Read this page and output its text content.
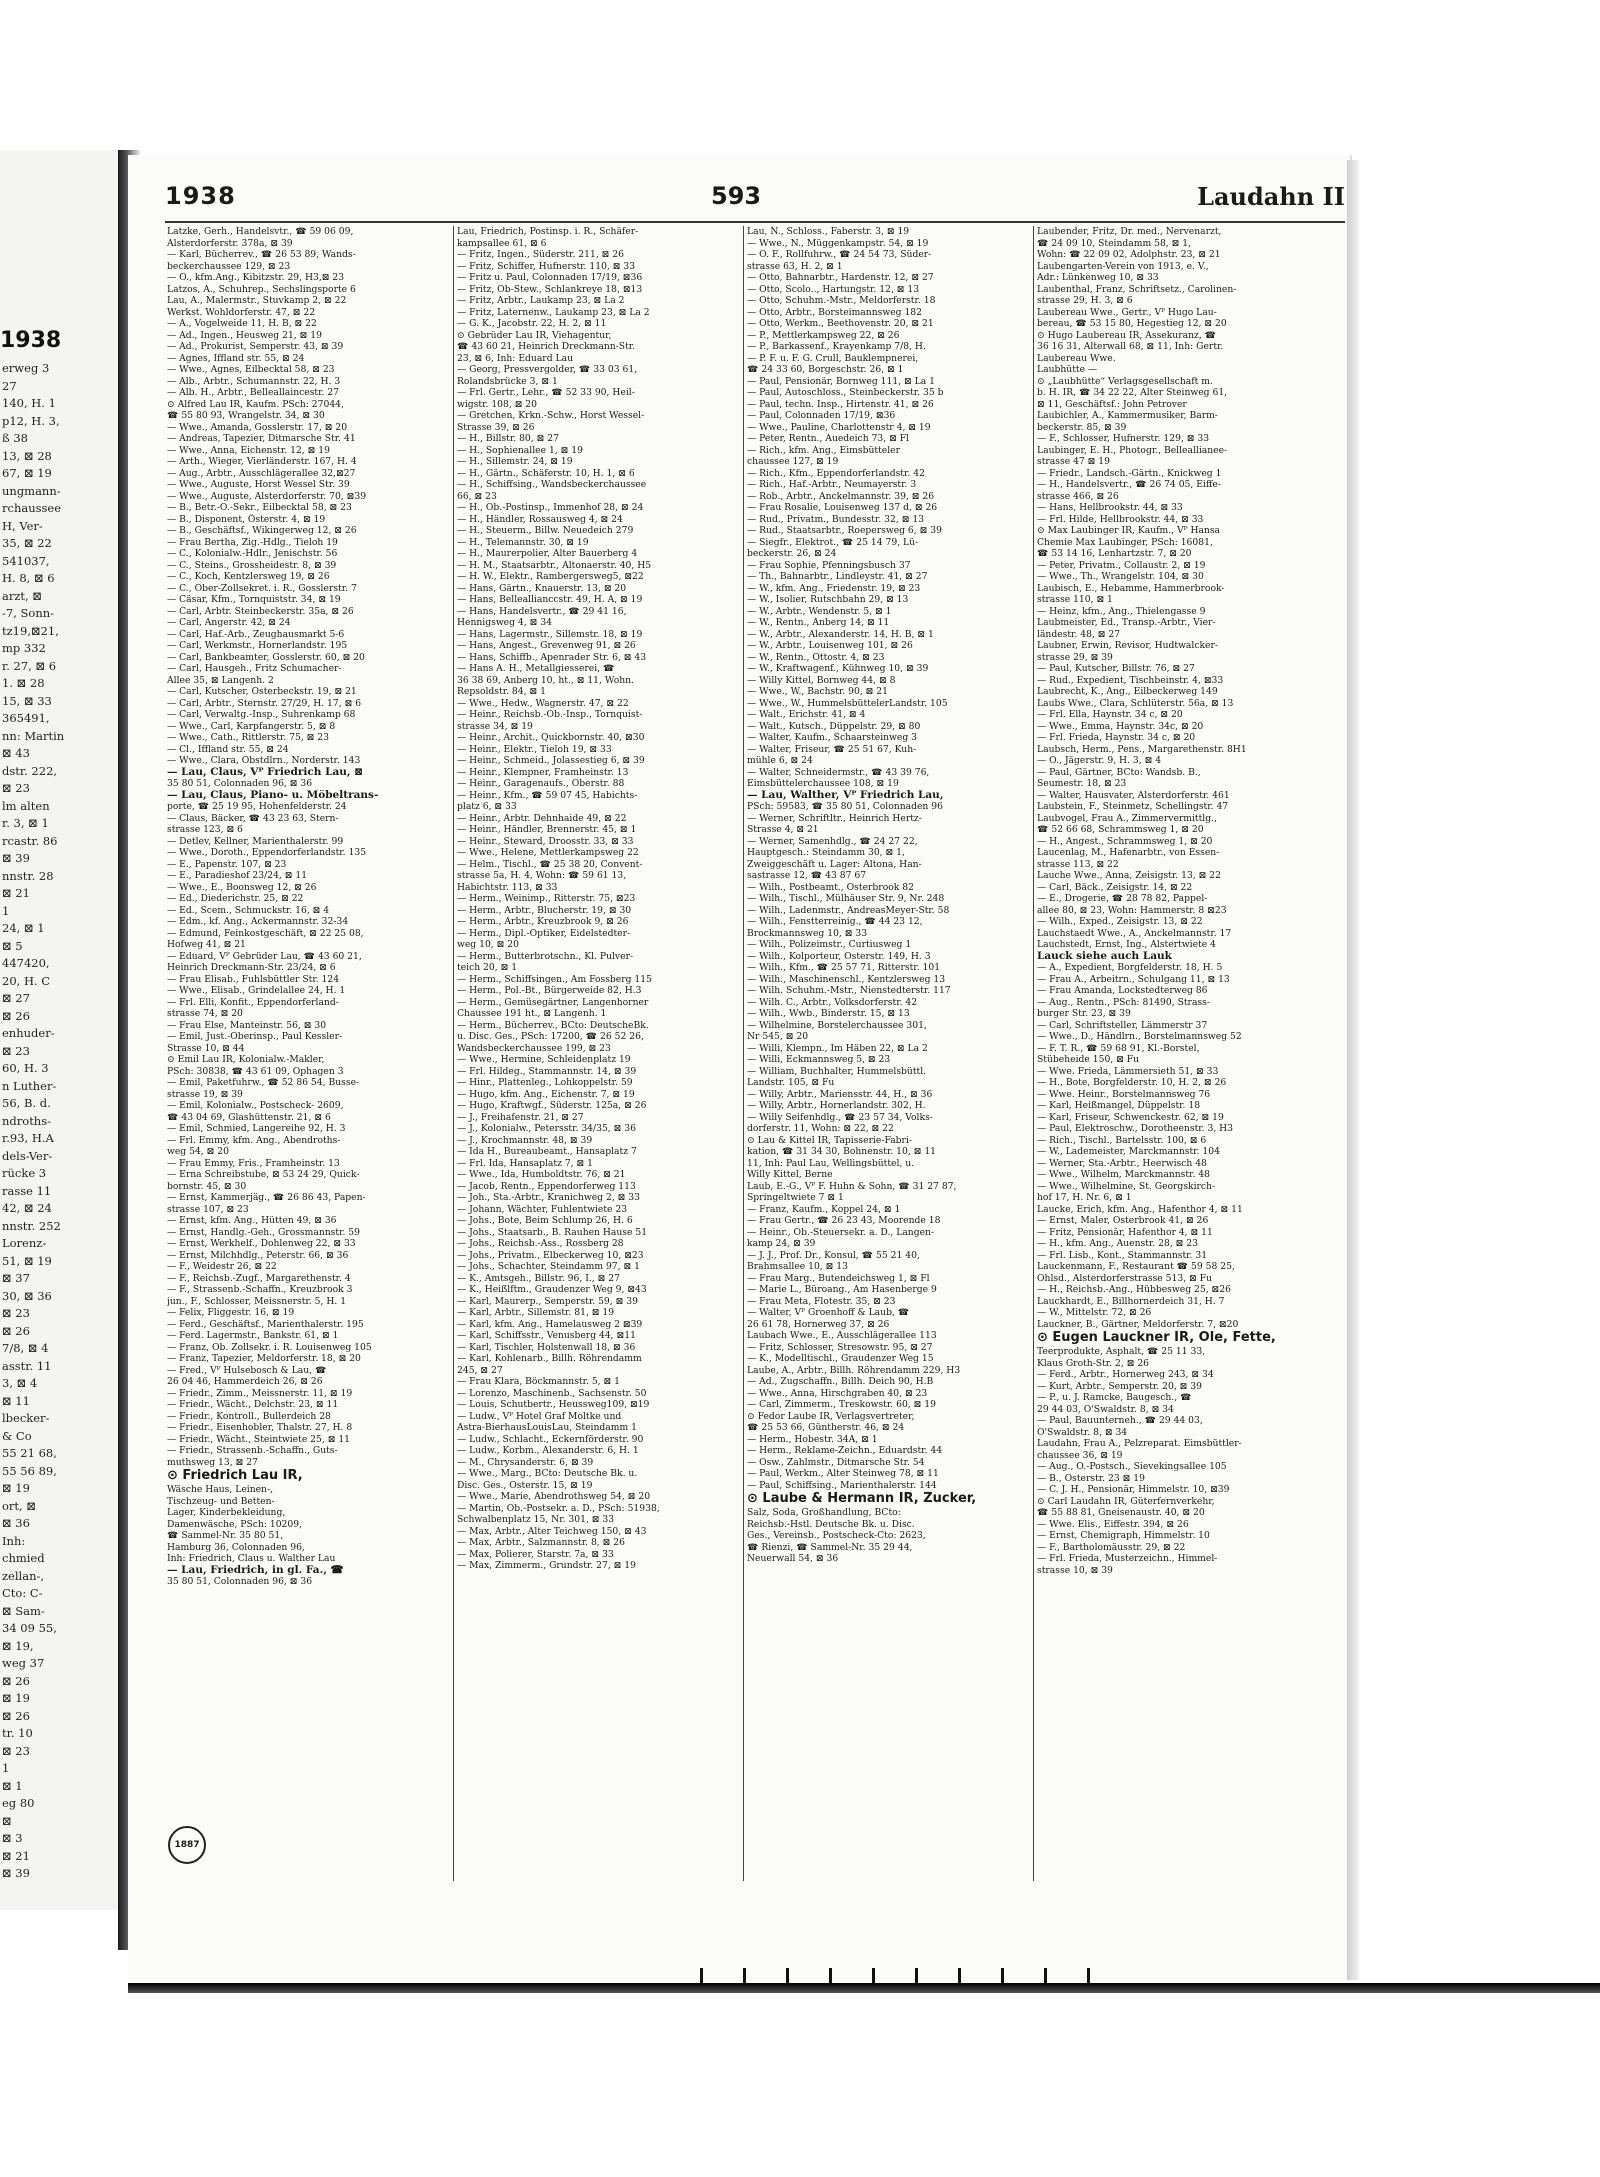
1938
erweg 3
27
140, H. 1
p12, H. 3,
ß 38
13, ⊠ 28
67, ⊠ 19
ungmann-
rchaussee
H, Ver-
35, ⊠ 22
541037,
H. 8, ⊠ 6
arzt, ⊠
-7, Sonn-
tz19,⊠21,
mp 332
r. 27, ⊠ 6
1. ⊠ 28
15, ⊠ 33
365491,
nn: Martin
⊠ 43
dstr. 222,
⊠ 23
lm alten
r. 3, ⊠ 1
rcastr. 86
⊠ 39
nnstr. 28
⊠ 21
1
24, ⊠ 1
⊠ 5
447420,
20, H. C
⊠ 27
⊠ 26
enhuder-
⊠ 23
60, H. 3
n Luther-
56, B. d.
ndroths-
r.93, H.A
dels-Ver-
rücke 3
rasse 11
42, ⊠ 24
nnstr. 252
Lorenz-
51, ⊠ 19
⊠ 37
30, ⊠ 36
⊠ 23
⊠ 26
7/8, ⊠ 4
asstr. 11
3, ⊠ 4
⊠ 11
lbecker-
& Co
55 21 68,
55 56 89,
⊠ 19
ort, ⊠
⊠ 36
Inh:
chmied
zellan-,
Cto: C-
⊠ Sam-
34 09 55,
⊠ 19,
weg 37
⊠ 26
⊠ 19
⊠ 26
tr. 10
⊠ 23
1
⊠ 1
eg 80
⊠
⊠ 3
⊠ 21
⊠ 39
1938	593	Laudahn II
Latzke, Gerh., Handelsvtr., ☎ 59 06 09,
Alsterdorferstr. 378a, ⊠ 39
— Karl, Bücherrev., ☎ 26 53 89, Wands-
beckerchaussee 129, ⊠ 23
— O., kfm.Ang., Kibitzstr. 29, H3,⊠ 23
Latzos, A., Schuhrep., Sechslingsporte 6
Lau, A., Malermstr., Stuvkamp 2, ⊠ 22
Werkst. Wohldorferstr. 47, ⊠ 22
— A., Vogelweide 11, H. B, ⊠ 22
— Ad., Ingen., Heusweg 21, ⊠ 19
— Ad., Prokurist, Semperstr. 43, ⊠ 39
— Agnes, Iffland str. 55, ⊠ 24
— Wwe., Agnes, Eilbecktal 58, ⊠ 23
— Alb., Arbtr., Schumannstr. 22, H. 3
— Alb. H., Arbtr., Belleallaincestr. 27
⊙ Alfred Lau IR, Kaufm. PSch: 27044,
☎ 55 80 93, Wrangelstr. 34, ⊠ 30
— Wwe., Amanda, Gosslerstr. 17, ⊠ 20
— Andreas, Tapezier, Ditmarsche Str. 41
— Wwe., Anna, Eichenstr. 12, ⊠ 19
— Arth., Wieger, Vierländerstr. 167, H. 4
— Aug., Arbtr., Ausschlägerallee 32,⊠27
— Wwe., Auguste, Horst Wessel Str. 39
— Wwe., Auguste, Alsterdorferstr. 70, ⊠39
— B., Betr.-O.-Sekr., Eilbecktal 58, ⊠ 23
— B., Disponent, Österstr. 4, ⊠ 19
— B., Geschäftsf., Wikingerweg 12, ⊠ 26
— Frau Bertha, Zig.-Hdlg., Tieloh 19
— C., Kolonialw.-Hdlr., Jenischstr. 56
— C., Steins., Grossheidestr. 8, ⊠ 39
— C., Koch, Kentzlersweg 19, ⊠ 26
— C., Ober-Zollsekret. i. R., Gosslerstr. 7
— Cäsar, Kfm., Tornquiststr. 34, ⊠ 19
— Carl, Arbtr. Steinbeckerstr. 35a, ⊠ 26
— Carl, Angerstr. 42, ⊠ 24
— Carl, Haf.-Arb., Zeughausmarkt 5-6
— Carl, Werkmstr., Hornerlandstr. 195
— Carl, Bankbeamter, Gosslerstr. 60, ⊠ 20
— Carl, Hausgeh., Fritz Schumacher-
Allee 35, ⊠ Langenh. 2
— Carl, Kutscher, Osterbeckstr. 19, ⊠ 21
— Carl, Arbtr., Sternstr. 27/29, H. 17, ⊠ 6
— Carl, Verwaltg.-Insp., Suhrenkamp 68
— Wwe., Carl, Karpfangerstr. 5, ⊠ 8
— Wwe., Cath., Rittlerstr. 75, ⊠ 23
— Cl., Iffland str. 55, ⊠ 24
— Wwe., Clara, Obstdlrn., Norderstr. 143
— Lau, Claus, Vᴾ Friedrich Lau, ⊠
35 80 51, Colonnaden 96, ⊠ 36
— Lau, Claus, Piano- u. Möbeltrans-
porte, ☎ 25 19 95, Hohenfelderstr. 24
— Claus, Bäcker, ☎ 43 23 63, Stern-
strasse 123, ⊠ 6
— Detlev, Kellner, Marienthalerstr. 99
— Wwe., Doroth., Eppendorferlandstr. 135
— E., Papenstr. 107, ⊠ 23
— E., Paradieshof 23/24, ⊠ 11
— Wwe., E., Boonsweg 12, ⊠ 26
— Ed., Diederichstr. 25, ⊠ 22
— Ed., Scem., Schmuckstr. 16, ⊠ 4
— Edm., kf. Ang., Ackermannstr. 32-34
— Edmund, Feinkostgeschäft, ⊠ 22 25 08,
Hofweg 41, ⊠ 21
— Eduard, Vᴾ Gebrüder Lau, ☎ 43 60 21,
Heinrich Dreckmann-Str. 23/24, ⊠ 6
— Frau Elisab., Fuhlsbüttler Str. 124
— Wwe., Elisab., Grindelallee 24, H. 1
— Frl. Elli, Konfit., Eppendorferland-
strasse 74, ⊠ 20
— Frau Else, Manteinstr. 56, ⊠ 30
— Emil, Just.-Oberinsp., Paul Kessler-
Strasse 10, ⊠ 44
⊙ Emil Lau IR, Kolonialw.-Makler,
PSch: 30838, ☎ 43 61 09, Ophagen 3
— Emil, Paketfuhrw., ☎ 52 86 54, Busse-
strasse 19, ⊠ 39
— Emil, Kolonialw., Postscheck- 2609,
☎ 43 04 69, Glashüttenstr. 21, ⊠ 6
— Emil, Schmied, Langereihe 92, H. 3
— Frl. Emmy, kfm. Ang., Abendroths-
weg 54, ⊠ 20
— Frau Emmy, Fris., Framheinstr. 13
— Erna Schreibstube, ⊠ 53 24 29, Quick-
bornstr. 45, ⊠ 30
— Ernst, Kammerjäg., ☎ 26 86 43, Papen-
strasse 107, ⊠ 23
— Ernst, kfm. Ang., Hütten 49, ⊠ 36
— Ernst, Handlg.-Geh., Grossmannstr. 59
— Ernst, Werkhelf., Dohlenweg 22, ⊠ 33
— Ernst, Milchhdlg., Peterstr. 66, ⊠ 36
— F., Weidestr 26, ⊠ 22
— F., Reichsb.-Zugf., Margarethenstr. 4
— F., Strassenb.-Schaffn., Kreuzbrook 3
jun., F., Schlosser, Meissnerstr. 5, H. 1
— Felix, Fliggestr. 16, ⊠ 19
— Ferd., Geschäftsf., Marienthalerstr. 195
— Ferd. Lagermstr., Bankstr. 61, ⊠ 1
— Franz, Ob. Zollsekr. i. R. Louisenweg 105
— Franz, Tapezier, Meldorferstr. 18, ⊠ 20
— Fred., Vᴾ Hulsebosch & Lau, ☎
26 04 46, Hammerdeich 26, ⊠ 26
— Friedr., Zimm., Meissnerstr. 11, ⊠ 19
— Friedr., Wächt., Delchstr. 23, ⊠ 11
— Friedr., Kontroll., Bullerdeich 28
— Friedr., Eisenhobler, Thalstr. 27, H. 8
— Friedr., Wächt., Steintwiete 25, ⊠ 11
— Friedr., Strassenb.-Schaffn., Guts-
muthsweg 13, ⊠ 27
⊙ Friedrich Lau IR,
Wäsche Haus, Leinen-,
Tischzeug- und Betten-
Lager, Kinderbekleidung,
Damenwäsche, PSch: 10209,
☎ Sammel-Nr. 35 80 51,
Hamburg 36, Colonnaden 96,
Inh: Friedrich, Claus u. Walther Lau
— Lau, Friedrich, in gl. Fa., ☎
35 80 51, Colonnaden 96, ⊠ 36
Lau, Friedrich, Postinsp. i. R., Schäfer-
kampsallee 61, ⊠ 6
— Fritz, Ingen., Süderstr. 211, ⊠ 26
— Fritz, Schiffer, Hufnerstr. 110, ⊠ 33
— Fritz u. Paul, Colonnaden 17/19, ⊠36
— Fritz, Ob-Stew., Schlankreye 18, ⊠13
— Fritz, Arbtr., Laukamp 23, ⊠ La 2
— Fritz, Laternenw., Laukamp 23, ⊠ La 2
— G. K., Jacobstr. 22, H. 2, ⊠ 11
⊙ Gebrüder Lau IR, Viehagentur,
☎ 43 60 21, Heinrich Dreckmann-Str.
23, ⊠ 6, Inh: Eduard Lau
— Georg, Pressvergolder, ☎ 33 03 61,
Rolandsbrücke 3, ⊠ 1
— Frl. Gertr., Lehr., ☎ 52 33 90, Heil-
wigstr. 108, ⊠ 20
— Gretchen, Krkn.-Schw., Horst Wessel-
Strasse 39, ⊠ 26
— H., Billstr. 80, ⊠ 27
— H., Sophienallee 1, ⊠ 19
— H., Sillemstr. 24, ⊠ 19
— H., Gärtn., Schäferstr. 10, H. 1, ⊠ 6
— H., Schiffsing., Wandsbeckerchaussee
66, ⊠ 23
— H., Ob.-Postinsp., Immenhof 28, ⊠ 24
— H., Händler, Rossausweg 4, ⊠ 24
— H., Steuerm., Billw. Neuedeich 279
— H., Telemannstr. 30, ⊠ 19
— H., Maurerpolier, Alter Bauerberg 4
— H. M., Staatsarbtr., Altonaerstr. 40, H5
— H. W., Elektr., Rambergersweg5, ⊠22
— Hans, Gärtn., Knauerstr. 13, ⊠ 20
— Hans, Belleallianccstr. 49, H. A, ⊠ 19
— Hans, Handelsvertr., ☎ 29 41 16,
Hennigsweg 4, ⊠ 34
— Hans, Lagermstr., Sillemstr. 18, ⊠ 19
— Hans, Angest., Grevenweg 91, ⊠ 26
— Hans, Schiffb., Apenrader Str. 6, ⊠ 43
— Hans A. H., Metallgiesserei, ☎
36 38 69, Anberg 10, ht., ⊠ 11, Wohn.
Repsoldstr. 84, ⊠ 1
— Wwe., Hedw., Wagnerstr. 47, ⊠ 22
— Heinr., Reichsb.-Ob.-Insp., Tornquist-
strasse 34, ⊠ 19
— Heinr., Archit., Quickbornstr. 40, ⊠30
— Heinr., Elektr., Tieloh 19, ⊠ 33
— Heinr., Schmeid., Jolassestieg 6, ⊠ 39
— Heinr., Klempner, Framheinstr. 13
— Heinr., Garagenaufs., Oberstr. 88
— Heinr., Kfm., ☎ 59 07 45, Habichts-
platz 6, ⊠ 33
— Heinr., Arbtr. Dehnhaide 49, ⊠ 22
— Heinr., Händler, Brennerstr. 45, ⊠ 1
— Heinr., Steward, Droosstr. 33, ⊠ 33
— Wwe., Helene, Mettlerkampsweg 22
— Helm., Tischl., ☎ 25 38 20, Convent-
strasse 5a, H. 4, Wohn: ☎ 59 61 13,
Habichtstr. 113, ⊠ 33
— Herm., Weinimp., Ritterstr. 75, ⊠23
— Herm., Arbtr., Blucherstr. 19, ⊠ 30
— Herm., Arbtr., Kreuzbrook 9, ⊠ 26
— Herm., Dipl.-Optiker, Eidelstedter-
weg 10, ⊠ 20
— Herm., Butterbrotschn., Kl. Pulver-
teich 20, ⊠ 1
— Herm., Schiffsingen., Am Fossberg 115
— Herm., Pol.-Bt., Bürgerweide 82, H.3
— Herm., Gemüsegärtner, Langenhorner
Chaussee 191 ht., ⊠ Langenh. 1
— Herm., Bücherrev., BCto: DeutscheBk.
u. Disc. Ges., PSch: 17200, ☎ 26 52 26,
Wandsbeckerchaussee 199, ⊠ 23
— Wwe., Hermine, Schleidenplatz 19
— Frl. Hildeg., Stammannstr. 14, ⊠ 39
— Hinr., Plattenleg., Lohkoppelstr. 59
— Hugo, kfm. Ang., Eichenstr. 7, ⊠ 19
— Hugo, Kraftwgf., Süderstr. 125a, ⊠ 26
— J., Freihafenstr. 21, ⊠ 27
— J., Kolonialw., Petersstr. 34/35, ⊠ 36
— J., Krochmannstr. 48, ⊠ 39
— Ida H., Bureaubeamt., Hansaplatz 7
— Frl. Ida, Hansaplatz 7, ⊠ 1
— Wwe., Ida, Humboldtstr. 76, ⊠ 21
— Jacob, Rentn., Eppendorferweg 113
— Joh., Sta.-Arbtr., Kranichweg 2, ⊠ 33
— Johann, Wächter, Fuhlentwiete 23
— Johs., Bote, Beim Schlump 26, H. 6
— Johs., Staatsarb., B. Rauhen Hause 51
— Johs., Reichsb.-Ass., Rossberg 28
— Johs., Privatm., Elbeckerweg 10, ⊠23
— Johs., Schachter, Steindamm 97, ⊠ 1
— K., Amtsgeh., Billstr. 96, I., ⊠ 27
— K., Heißlftm., Graudenzer Weg 9, ⊠43
— Karl, Maurerp., Semperstr. 59, ⊠ 39
— Karl, Arbtr., Sillemstr. 81, ⊠ 19
— Karl, kfm. Ang., Hamelausweg 2 ⊠39
— Karl, Schiffsstr., Venusberg 44, ⊠11
— Karl, Tischler, Holstenwall 18, ⊠ 36
— Karl, Kohlenarb., Billh. Röhrendamm
245, ⊠ 27
— Frau Klara, Böckmannstr. 5, ⊠ 1
— Lorenzo, Maschinenb., Sachsenstr. 50
— Louis, Schutbertr., Heussweg109, ⊠19
— Ludw., Vᴾ Hotel Graf Moltke und
Astra-BierhausLouisLau, Steindamm 1
— Ludw., Schlacht., Eckernförderstr. 90
— Ludw., Korbm., Alexanderstr. 6, H. 1
— M., Chrysanderstr. 6, ⊠ 39
— Wwe., Marg., BCto: Deutsche Bk. u.
Disc. Ges., Osterstr. 15, ⊠ 19
— Wwe., Marie, Abendrothsweg 54, ⊠ 20
— Martin, Ob.-Postsekr. a. D., PSch: 51938,
Schwalbenplatz 15, Nr. 301, ⊠ 33
— Max, Arbtr., Alter Teichweg 150, ⊠ 43
— Max, Arbtr., Salzmannstr. 8, ⊠ 26
— Max, Polierer, Starstr. 7a, ⊠ 33
— Max, Zimmerm., Grundstr. 27, ⊠ 19
Lau, N., Schloss., Faberstr. 3, ⊠ 19
— Wwe., N., Müggenkampstr. 54, ⊠ 19
— O. F., Rollfuhrw., ☎ 24 54 73, Süder-
strasse 63, H. 2, ⊠ 1
— Otto, Bahnarbtr., Hardenstr. 12, ⊠ 27
— Otto, Scolo.., Hartungstr. 12, ⊠ 13
— Otto, Schuhm.-Mstr., Meldorferstr. 18
— Otto, Arbtr., Borsteimannsweg 182
— Otto, Werkm., Beethovenstr. 20, ⊠ 21
— P., Mettlerkampsweg 22, ⊠ 26
— P., Barkassenf., Krayenkamp 7/8, H.
— P. F. u. F. G. Crull, Bauklempnerei,
☎ 24 33 60, Borgeschstr. 26, ⊠ 1
— Paul, Pensionär, Bornweg 111, ⊠ La 1
— Paul, Autoschloss., Steinbeckerstr. 35 b
— Paul, techn. Insp., Hirtenstr. 41, ⊠ 26
— Paul, Colonnaden 17/19, ⊠36
— Wwe., Pauline, Charlottenstr 4, ⊠ 19
— Peter, Rentn., Auedeich 73, ⊠ Fl
— Rich., kfm. Ang., Eimsbütteler
chaussee 127, ⊠ 19
— Rich., Kfm., Eppendorferlandstr. 42
— Rich., Haf.-Arbtr., Neumayerstr. 3
— Rob., Arbtr., Anckelmannstr. 39, ⊠ 26
— Frau Rosalie, Louisenweg 137 d, ⊠ 26
— Rud., Privatm., Bundesstr. 32, ⊠ 13
— Rud., Staatsarbtr., Roepersweg 6, ⊠ 39
— Siegfr., Elektrot., ☎ 25 14 79, Lü-
beckerstr. 26, ⊠ 24
— Frau Sophie, Pfenningsbusch 37
— Th., Bahnarbtr., Lindleystr. 41, ⊠ 27
— W., kfm. Ang., Friedenstr. 19, ⊠ 23
— W., Isolier, Rutschbahn 29, ⊠ 13
— W., Arbtr., Wendenstr. 5, ⊠ 1
— W., Rentn., Anberg 14, ⊠ 11
— W., Arbtr., Alexanderstr. 14, H. B, ⊠ 1
— W., Arbtr., Louisenweg 101, ⊠ 26
— W., Rentn., Ottostr. 4, ⊠ 23
— W., Kraftwagenf., Kühnweg 10, ⊠ 39
— Willy Kittel, Bornweg 44, ⊠ 8
— Wwe., W., Bachstr. 90, ⊠ 21
— Wwe., W., HummelsbüttelerLandstr. 105
— Walt., Erichstr. 41, ⊠ 4
— Walt., Kutsch., Düppelstr. 29, ⊠ 80
— Walter, Kaufm., Schaarsteinweg 3
— Walter, Friseur, ☎ 25 51 67, Kuh-
mühle 6, ⊠ 24
— Walter, Schneidermstr., ☎ 43 39 76,
Eimsbüttelerchaussee 108, ⊠ 19
— Lau, Walther, Vᴾ Friedrich Lau,
PSch: 59583, ☎ 35 80 51, Colonnaden 96
— Werner, Schriftltr., Heinrich Hertz-
Strasse 4, ⊠ 21
— Werner, Samenhdlg., ☎ 24 27 22,
Hauptgesch.: Steindamm 30, ⊠ 1,
Zweiggeschäft u. Lager: Altona, Han-
sastrasse 12, ☎ 43 87 67
— Wilh., Postbeamt., Osterbrook 82
— Wilh., Tischl., Mülhäuser Str. 9, Nr. 248
— Wilh., Ladenmstr., AndreasMeyer-Str. 58
— Wilh., Fenstterreinig., ☎ 44 23 12,
Brockmannsweg 10, ⊠ 33
— Wilh., Polizeimstr., Curtiusweg 1
— Wilh., Kolporteur, Osterstr. 149, H. 3
— Wilh., Kfm., ☎ 25 57 71, Ritterstr. 101
— Wilh., Maschinenschl., Kentzlersweg 13
— Wilh. Schuhm.-Mstr., Nienstedterstr. 117
— Wilh. C., Arbtr., Volksdorferstr. 42
— Wilh., Wwb., Binderstr. 15, ⊠ 13
— Wilhelmine, Borstelerchaussee 301,
Nr 545, ⊠ 20
— Willi, Klempn., Im Häben 22, ⊠ La 2
— Willi, Eckmannsweg 5, ⊠ 23
— William, Buchhalter, Hummelsbüttl.
Landstr. 105, ⊠ Fu
— Willy, Arbtr., Mariensstr. 44, H., ⊠ 36
— Willy, Arbtr., Hornerlandstr. 302, H.
— Willy Seifenhdlg., ☎ 23 57 34, Volks-
dorferstr. 11, Wohn: ⊠ 22, ⊠ 22
⊙ Lau & Kittel IR, Tapisserie-Fabri-
kation, ☎ 31 34 30, Bohnenstr. 10, ⊠ 11
11, Inh: Paul Lau, Wellingsbüttel, u.
Willy Kittel, Berne
Laub, E.-G., Vᴾ F. Huhn & Sohn, ☎ 31 27 87,
Springeltwiete 7 ⊠ 1
— Franz, Kaufm., Koppel 24, ⊠ 1
— Frau Gertr., ☎ 26 23 43, Moorende 18
— Heinr., Ob.-Steuersekr. a. D., Langen-
kamp 24, ⊠ 39
— J. J., Prof. Dr., Konsul, ☎ 55 21 40,
Brahmsallee 10, ⊠ 13
— Frau Marg., Butendeichsweg 1, ⊠ Fl
— Marie L., Büroang., Am Hasenberge 9
— Frau Meta, Flotestr. 35, ⊠ 23
— Walter, Vᴾ Groenhoff & Laub, ☎
26 61 78, Hornerweg 37, ⊠ 26
Laubach Wwe., E., Ausschlägerallee 113
— Fritz, Schlosser, Stresowstr. 95, ⊠ 27
— K., Modelltischl., Graudenzer Weg 15
Laube, A., Arbtr., Billh. Röhrendamm 229, H3
— Ad., Zugschaffn., Billh. Deich 90, H.B
— Wwe., Anna, Hirschgraben 40, ⊠ 23
— Carl, Zimmerm., Treskowstr. 60, ⊠ 19
⊙ Fedor Laube IR, Verlagsvertreter,
☎ 25 53 66, Güntherstr. 46, ⊠ 24
— Herm., Hobestr. 34A, ⊠ 1
— Herm., Reklame-Zeichn., Eduardstr. 44
— Osw., Zahlmstr., Ditmarsche Str. 54
— Paul, Werkm., Alter Steinweg 78, ⊠ 11
— Paul, Schiffsing., Marienthalerstr. 144
⊙ Laube & Hermann IR, Zucker,
Salz, Soda, Großhandlung, BCto:
Reichsb.-Hstl. Deutsche Bk. u. Disc.
Ges., Vereinsb., Postscheck-Cto: 2623,
☎ Rienzi, ☎ Sammel-Nr. 35 29 44,
Neuerwall 54, ⊠ 36
Laubender, Fritz, Dr. med., Nervenarzt,
☎ 24 09 10, Steindamm 58, ⊠ 1,
Wohn: ☎ 22 09 02, Adolphstr. 23, ⊠ 21
Laubengarten-Verein von 1913, e. V.,
Adr.: Lünkenweg 10, ⊠ 33
Laubenthal, Franz, Schriftsetz., Carolinen-
strasse 29, H. 3, ⊠ 6
Laubereau Wwe., Gertr., Vᴾ Hugo Lau-
bereau, ☎ 53 15 80, Hegestieg 12, ⊠ 20
⊙ Hugo Laubereau IR, Assekuranz, ☎
36 16 31, Alterwall 68, ⊠ 11, Inh: Gertr.
Laubereau Wwe.
Laubhütte —
⊙ „Laubhütte“ Verlagsgesellschaft m.
b. H. IR, ☎ 34 22 22, Alter Steinweg 61,
⊠ 11, Geschäftsf.: John Petrover
Laubichler, A., Kammermusiker, Barm-
beckerstr. 85, ⊠ 39
— F., Schlosser, Hufnerstr. 129, ⊠ 33
Laubinger, E. H., Photogr., Belleallianee-
strasse 47 ⊠ 19
— Friedr., Landsch.-Gärtn., Knickweg 1
— H., Handelsvertr., ☎ 26 74 05, Eiffe-
strasse 466, ⊠ 26
— Hans, Hellbrookstr. 44, ⊠ 33
— Frl. Hilde, Hellbrookstr. 44, ⊠ 33
⊙ Max Laubinger IR, Kaufm., Vᴾ Hansa
Chemie Max Laubinger, PSch: 16081,
☎ 53 14 16, Lenhartzstr. 7, ⊠ 20
— Peter, Privatm., Collaustr. 2, ⊠ 19
— Wwe., Th., Wrangelstr. 104, ⊠ 30
Laubisch, E., Hebamme, Hammerbrook-
strasse 110, ⊠ 1
— Heinz, kfm., Ang., Thielengasse 9
Laubmeister, Ed., Transp.-Arbtr., Vier-
ländestr. 48, ⊠ 27
Laubner, Erwin, Revisor, Hudtwalcker-
strasse 29, ⊠ 39
— Paul, Kutscher, Billstr. 76, ⊠ 27
— Rud., Expedient, Tischbeinstr. 4, ⊠33
Laubrecht, K., Ang., Eilbeckerweg 149
Laubs Wwe., Clara, Schlüterstr. 56a, ⊠ 13
— Frl. Ella, Haynstr. 34 c, ⊠ 20
— Wwe., Emma, Haynstr. 34c, ⊠ 20
— Frl. Frieda, Haynstr. 34 c, ⊠ 20
Laubsch, Herm., Pens., Margarethenstr. 8H1
— O., Jägerstr. 9, H. 3, ⊠ 4
— Paul, Gärtner, BCto: Wandsb. B.,
Seumestr. 18, ⊠ 23
— Walter, Hausvater, Alsterdorferstr. 461
Laubstein, F., Steinmetz, Schellingstr. 47
Laubvogel, Frau A., Zimmervermittlg.,
☎ 52 66 68, Schrammsweg 1, ⊠ 20
— H., Angest., Schrammsweg 1, ⊠ 20
Laucenlag, M., Hafenarbtr., von Essen-
strasse 113, ⊠ 22
Lauche Wwe., Anna, Zeisigstr. 13, ⊠ 22
— Carl, Bäck., Zeisigstr. 14, ⊠ 22
— E., Drogerie, ☎ 28 78 82, Pappel-
allee 80, ⊠ 23, Wohn: Hammerstr. 8 ⊠23
— Wilh., Exped., Zeisigstr. 13, ⊠ 22
Lauchstaedt Wwe., A., Anckelmannstr. 17
Lauchstedt, Ernst, Ing., Alstertwiete 4
Lauck siehe auch Lauk
— A., Expedient, Borgfelderstr. 18, H. 5
— Frau A., Arbeitrn., Schulgang 11, ⊠ 13
— Frau Amanda, Lockstedterweg 86
— Aug., Rentn., PSch: 81490, Strass-
burger Str. 23, ⊠ 39
— Carl, Schriftsteller, Lämmerstr 37
— Wwe., D., Händlrn., Borstelmannsweg 52
— F. T. R., ☎ 59 68 91, Kl.-Borstel,
Stübeheide 150, ⊠ Fu
— Wwe. Frieda, Lämmersieth 51, ⊠ 33
— H., Bote, Borgfelderstr. 10, H. 2, ⊠ 26
— Wwe. Heinr., Borstelmannsweg 76
— Karl, Heißmangel, Düppelstr. 18
— Karl, Friseur, Schwenckestr. 62, ⊠ 19
— Paul, Elektroschw., Dorotheenstr. 3, H3
— Rich., Tischl., Bartelsstr. 100, ⊠ 6
— W., Lademeister, Marckmannstr. 104
— Werner, Sta.-Arbtr., Heerwisch 48
— Wwe., Wilhelm, Marckmannstr. 48
— Wwe., Wilhelmine, St. Georgskirch-
hof 17, H. Nr. 6, ⊠ 1
Laucke, Erich, kfm. Ang., Hafenthor 4, ⊠ 11
— Ernst, Maler, Osterbrook 41, ⊠ 26
— Fritz, Pensionär, Hafenthor 4, ⊠ 11
— H., kfm. Ang., Auenstr. 28, ⊠ 23
— Frl. Lisb., Kont., Stammannstr. 31
Lauckenmann, F., Restaurant ☎ 59 58 25,
Ohlsd., Alsterdorferstrasse 513, ⊠ Fu
— H., Reichsb.-Ang., Hübbesweg 25, ⊠26
Lauckhardt, E., Billhornerdeich 31, H. 7
— W., Mittelstr. 72, ⊠ 26
Lauckner, B., Gärtner, Meldorferstr. 7, ⊠20
⊙ Eugen Lauckner IR, Öle, Fette,
Teerprodukte, Asphalt, ☎ 25 11 33,
Klaus Groth-Str. 2, ⊠ 26
— Ferd., Arbtr., Hornerweg 243, ⊠ 34
— Kurt, Arbtr., Semperstr. 20, ⊠ 39
— P., u. J. Ramcke, Baugesch., ☎
29 44 03, O'Swaldstr. 8, ⊠ 34
— Paul, Bauunterneh., ☎ 29 44 03,
O'Swaldstr. 8, ⊠ 34
Laudahn, Frau A., Pelzreparat. Eimsbüttler-
chaussee 36, ⊠ 19
— Aug., O.-Postsch., Sievekingsallee 105
— B., Osterstr. 23 ⊠ 19
— C. J. H., Pensionär, Himmelstr. 10, ⊠39
⊙ Carl Laudahn IR, Güterfernverkehr,
☎ 55 88 81, Gneisenaustr. 40, ⊠ 20
— Wwe. Elis., Eiffestr. 394, ⊠ 26
— Ernst, Chemigraph, Himmelstr. 10
— F., Bartholomäusstr. 29, ⊠ 22
— Frl. Frieda, Musterzeichn., Himmel-
strasse 10, ⊠ 39
1887
